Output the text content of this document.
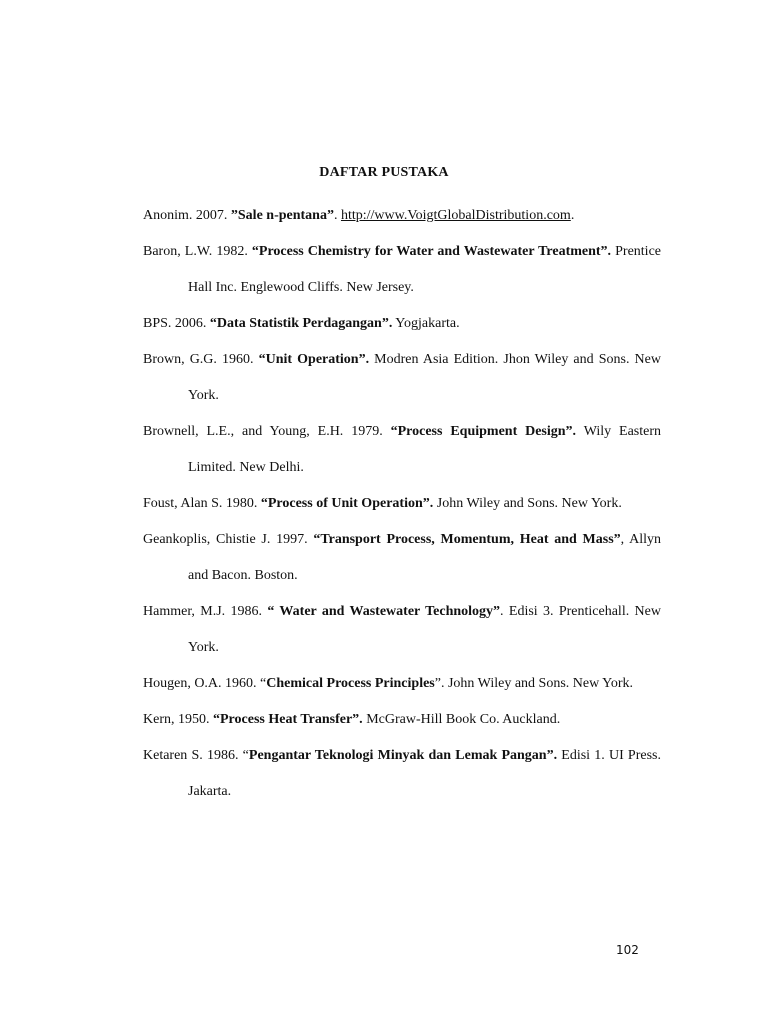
DAFTAR PUSTAKA

Anonim. 2007. ”Sale n-pentana”. http://www.VoigtGlobalDistribution.com.

Baron, L.W. 1982. “Process Chemistry for Water and Wastewater Treatment”. Prentice Hall Inc. Englewood Cliffs. New Jersey.

BPS. 2006. “Data Statistik Perdagangan”. Yogjakarta.

Brown, G.G. 1960. “Unit Operation”. Modren Asia Edition. Jhon Wiley and Sons. New York.

Brownell, L.E., and Young, E.H. 1979. “Process Equipment Design”. Wily Eastern Limited. New Delhi.

Foust, Alan S. 1980. “Process of Unit Operation”. John Wiley and Sons. New York.

Geankoplis, Chistie J. 1997. “Transport Process, Momentum, Heat and Mass”, Allyn and Bacon. Boston.

Hammer, M.J. 1986. “ Water and Wastewater Technology”. Edisi 3. Prenticehall. New York.

Hougen, O.A. 1960. “Chemical Process Principles”. John Wiley and Sons. New York.

Kern, 1950. “Process Heat Transfer”. McGraw-Hill Book Co. Auckland.

Ketaren S. 1986. “Pengantar Teknologi Minyak dan Lemak Pangan”. Edisi 1. UI Press. Jakarta.

102
